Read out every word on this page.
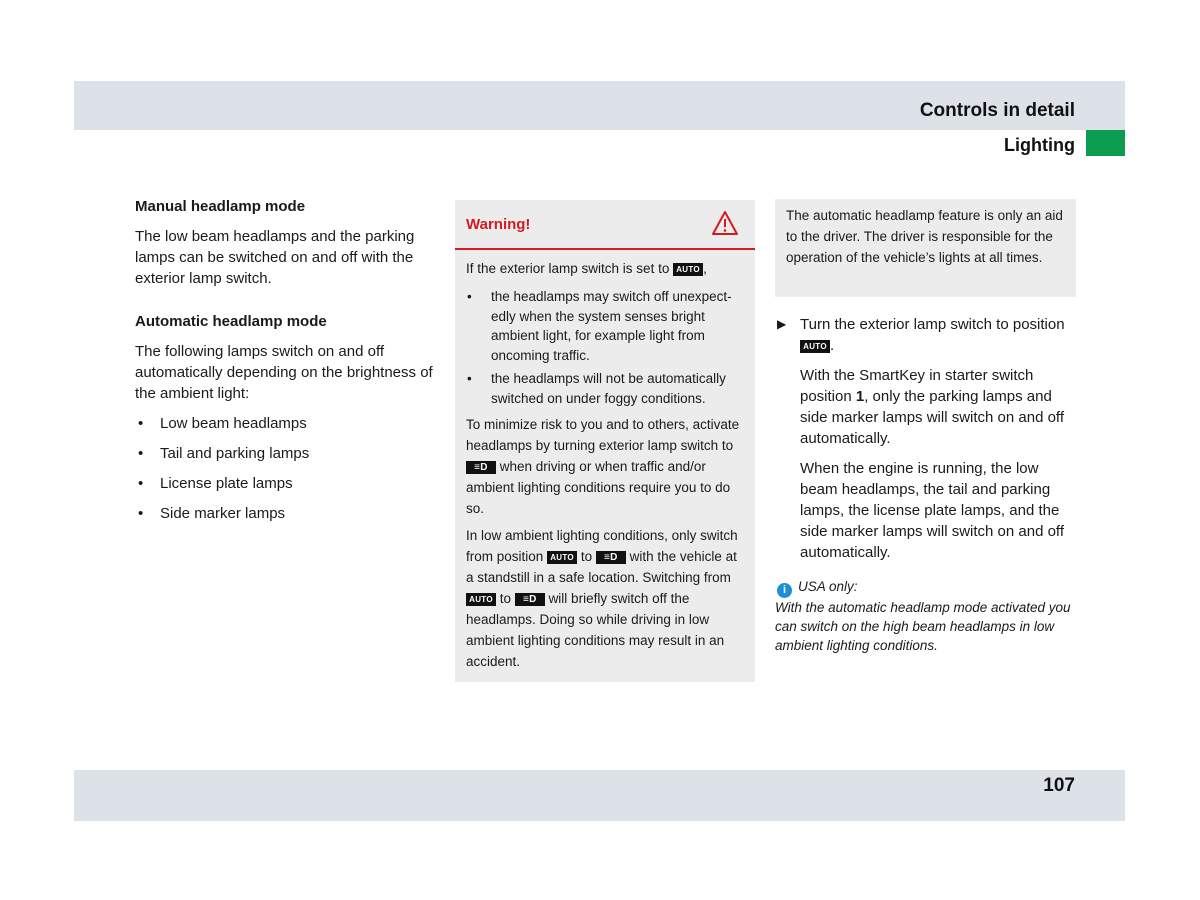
Controls in detail
Lighting
Manual headlamp mode

The low beam headlamps and the parking lamps can be switched on and off with the exterior lamp switch.

Automatic headlamp mode

The following lamps switch on and off automatically depending on the brightness of the ambient light:

• Low beam headlamps
• Tail and parking lamps
• License plate lamps
• Side marker lamps
Warning!

If the exterior lamp switch is set to AUTO ,

• the headlamps may switch off unexpect-edly when the system senses bright ambient light, for example light from oncoming traffic.
• the headlamps will not be automatically switched on under foggy conditions.

To minimize risk to you and to others, activate headlamps by turning exterior lamp switch to ≡D when driving or when traffic and/or ambient lighting conditions require you to do so.

In low ambient lighting conditions, only switch from position AUTO to ≡D with the vehicle at a standstill in a safe location. Switching from AUTO to ≡D will briefly switch off the headlamps. Doing so while driving in low ambient lighting conditions may result in an accident.

The automatic headlamp feature is only an aid to the driver. The driver is responsible for the operation of the vehicle’s lights at all times.
▶ Turn the exterior lamp switch to position AUTO .

With the SmartKey in starter switch position 1, only the parking lamps and side marker lamps will switch on and off automatically.

When the engine is running, the low beam headlamps, the tail and parking lamps, the license plate lamps, and the side marker lamps will switch on and off automatically.

i USA only:
With the automatic headlamp mode activated you can switch on the high beam headlamps in low ambient lighting conditions.
107
